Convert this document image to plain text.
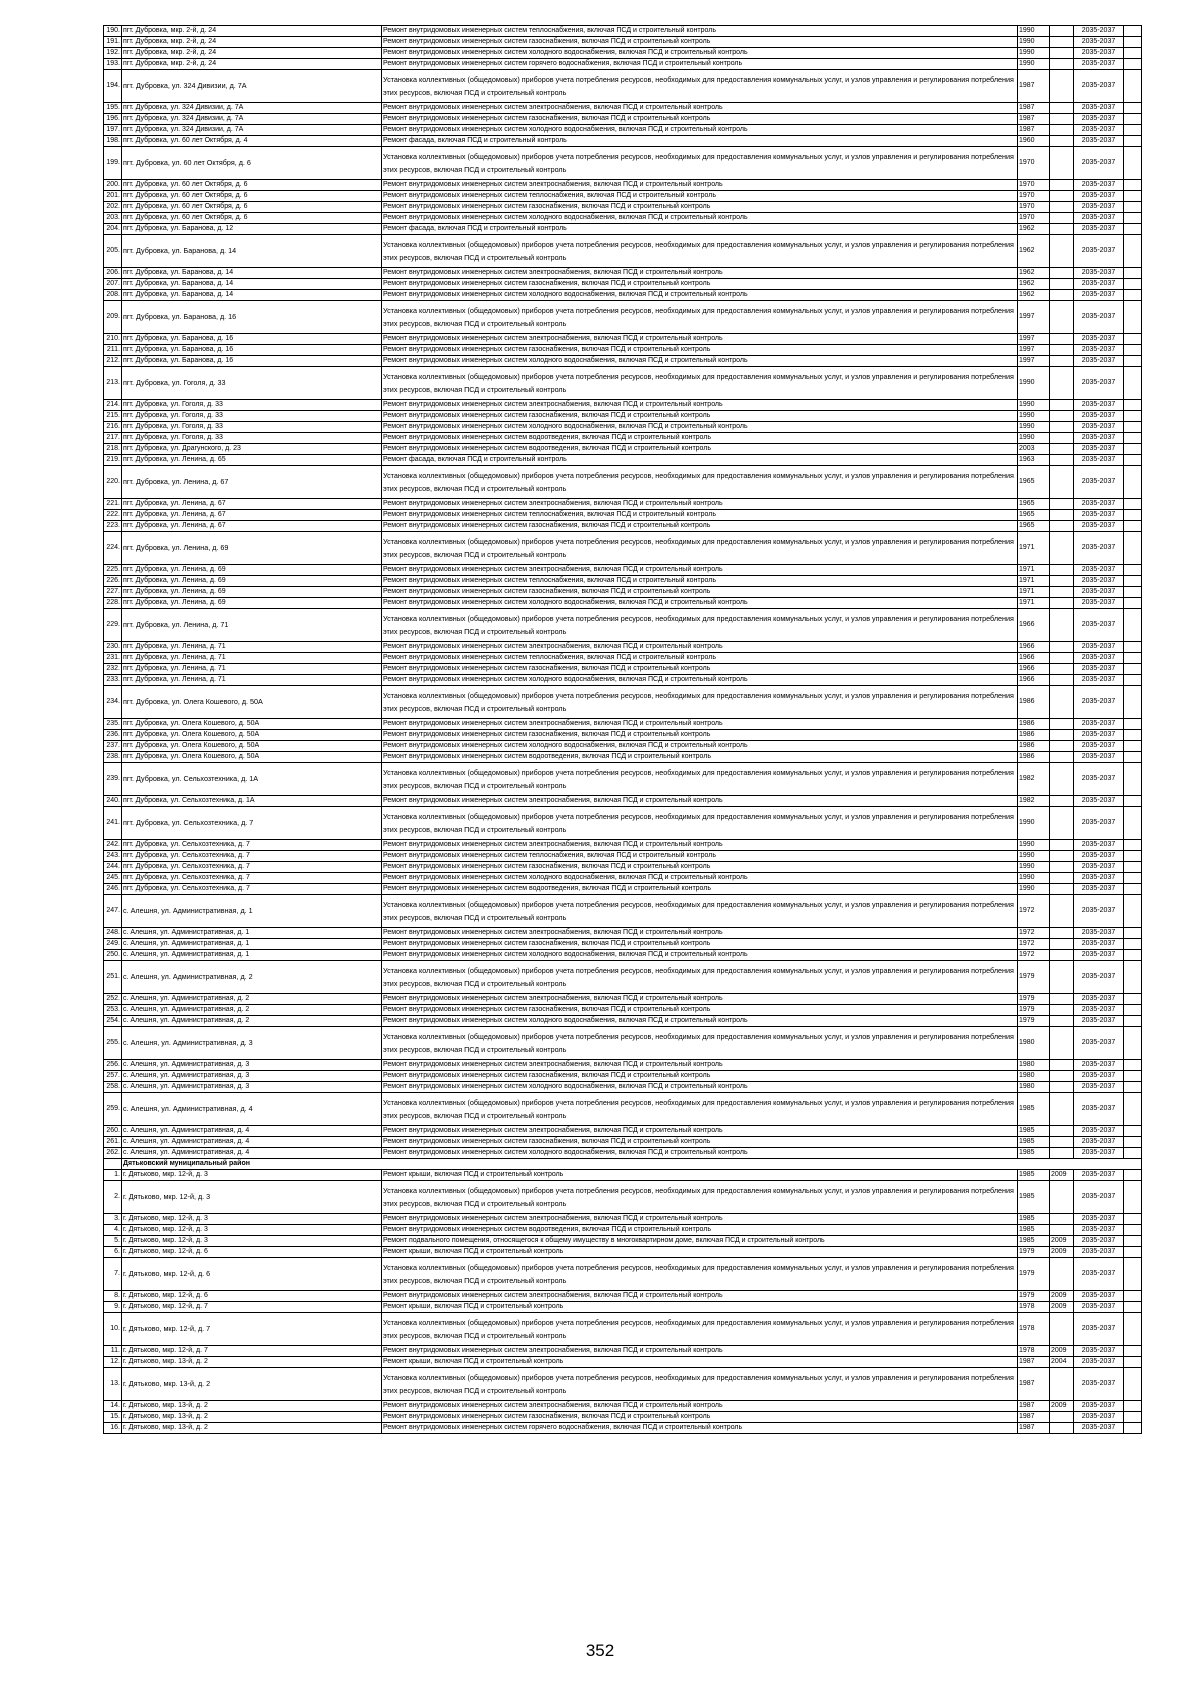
190.	пгт. Дубровка, мкр. 2-й, д. 24	Ремонт внутридомовых инженерных систем теплоснабжения, включая ПСД и строительный контроль	1990		2035-2037	
191.	пгт. Дубровка, мкр. 2-й, д. 24	Ремонт внутридомовых инженерных систем газоснабжения, включая ПСД и строительный контроль	1990		2035-2037	
192.	пгт. Дубровка, мкр. 2-й, д. 24	Ремонт внутридомовых инженерных систем холодного водоснабжения, включая ПСД и строительный контроль	1990		2035-2037	
193.	пгт. Дубровка, мкр. 2-й, д. 24	Ремонт внутридомовых инженерных систем горячего водоснабжения, включая ПСД и строительный контроль	1990		2035-2037	
194.	пгт. Дубровка, ул. 324 Дивизии, д. 7А	Установка коллективных (общедомовых) приборов учета потребления ресурсов, необходимых для предоставления коммунальных услуг, и узлов управления и регулирования потребления этих ресурсов, включая ПСД и строительный контроль	1987		2035-2037	
195.	пгт. Дубровка, ул. 324 Дивизии, д. 7А	Ремонт внутридомовых инженерных систем электроснабжения, включая ПСД и строительный контроль	1987		2035-2037	
196.	пгт. Дубровка, ул. 324 Дивизии, д. 7А	Ремонт внутридомовых инженерных систем газоснабжения, включая ПСД и строительный контроль	1987		2035-2037	
197.	пгт. Дубровка, ул. 324 Дивизии, д. 7А	Ремонт внутридомовых инженерных систем холодного водоснабжения, включая ПСД и строительный контроль	1987		2035-2037	
198.	пгт. Дубровка, ул. 60 лет Октября, д. 4	Ремонт фасада, включая ПСД и строительный контроль	1960		2035-2037	
199.	пгт. Дубровка, ул. 60 лет Октября, д. 6	Установка коллективных (общедомовых) приборов учета потребления ресурсов, необходимых для предоставления коммунальных услуг, и узлов управления и регулирования потребления этих ресурсов, включая ПСД и строительный контроль	1970		2035-2037	
200.	пгт. Дубровка, ул. 60 лет Октября, д. 6	Ремонт внутридомовых инженерных систем электроснабжения, включая ПСД и строительный контроль	1970		2035-2037	
201.	пгт. Дубровка, ул. 60 лет Октября, д. 6	Ремонт внутридомовых инженерных систем теплоснабжения, включая ПСД и строительный контроль	1970		2035-2037	
202.	пгт. Дубровка, ул. 60 лет Октября, д. 6	Ремонт внутридомовых инженерных систем газоснабжения, включая ПСД и строительный контроль	1970		2035-2037	
203.	пгт. Дубровка, ул. 60 лет Октября, д. 6	Ремонт внутридомовых инженерных систем холодного водоснабжения, включая ПСД и строительный контроль	1970		2035-2037	
204.	пгт. Дубровка, ул. Баранова, д. 12	Ремонт фасада, включая ПСД и строительный контроль	1962		2035-2037	
205.	пгт. Дубровка, ул. Баранова, д. 14	Установка коллективных (общедомовых) приборов учета потребления ресурсов, необходимых для предоставления коммунальных услуг, и узлов управления и регулирования потребления этих ресурсов, включая ПСД и строительный контроль	1962		2035-2037	
206.	пгт. Дубровка, ул. Баранова, д. 14	Ремонт внутридомовых инженерных систем электроснабжения, включая ПСД и строительный контроль	1962		2035-2037	
207.	пгт. Дубровка, ул. Баранова, д. 14	Ремонт внутридомовых инженерных систем газоснабжения, включая ПСД и строительный контроль	1962		2035-2037	
208.	пгт. Дубровка, ул. Баранова, д. 14	Ремонт внутридомовых инженерных систем холодного водоснабжения, включая ПСД и строительный контроль	1962		2035-2037	
209.	пгт. Дубровка, ул. Баранова, д. 16	Установка коллективных (общедомовых) приборов учета потребления ресурсов, необходимых для предоставления коммунальных услуг, и узлов управления и регулирования потребления этих ресурсов, включая ПСД и строительный контроль	1997		2035-2037	
210.	пгт. Дубровка, ул. Баранова, д. 16	Ремонт внутридомовых инженерных систем электроснабжения, включая ПСД и строительный контроль	1997		2035-2037	
211.	пгт. Дубровка, ул. Баранова, д. 16	Ремонт внутридомовых инженерных систем газоснабжения, включая ПСД и строительный контроль	1997		2035-2037	
212.	пгт. Дубровка, ул. Баранова, д. 16	Ремонт внутридомовых инженерных систем холодного водоснабжения, включая ПСД и строительный контроль	1997		2035-2037	
213.	пгт. Дубровка, ул. Гоголя, д. 33	Установка коллективных (общедомовых) приборов учета потребления ресурсов, необходимых для предоставления коммунальных услуг, и узлов управления и регулирования потребления этих ресурсов, включая ПСД и строительный контроль	1990		2035-2037	
214.	пгт. Дубровка, ул. Гоголя, д. 33	Ремонт внутридомовых инженерных систем электроснабжения, включая ПСД и строительный контроль	1990		2035-2037	
215.	пгт. Дубровка, ул. Гоголя, д. 33	Ремонт внутридомовых инженерных систем газоснабжения, включая ПСД и строительный контроль	1990		2035-2037	
216.	пгт. Дубровка, ул. Гоголя, д. 33	Ремонт внутридомовых инженерных систем холодного водоснабжения, включая ПСД и строительный контроль	1990		2035-2037	
217.	пгт. Дубровка, ул. Гоголя, д. 33	Ремонт внутридомовых инженерных систем водоотведения, включая ПСД и строительный контроль	1990		2035-2037	
218.	пгт. Дубровка, ул. Драгунского, д. 23	Ремонт внутридомовых инженерных систем водоотведения, включая ПСД и строительный контроль	2003		2035-2037	
219.	пгт. Дубровка, ул. Ленина, д. 65	Ремонт фасада, включая ПСД и строительный контроль	1963		2035-2037	
220.	пгт. Дубровка, ул. Ленина, д. 67	Установка коллективных (общедомовых) приборов учета потребления ресурсов, необходимых для предоставления коммунальных услуг, и узлов управления и регулирования потребления этих ресурсов, включая ПСД и строительный контроль	1965		2035-2037	
221.	пгт. Дубровка, ул. Ленина, д. 67	Ремонт внутридомовых инженерных систем электроснабжения, включая ПСД и строительный контроль	1965		2035-2037	
222.	пгт. Дубровка, ул. Ленина, д. 67	Ремонт внутридомовых инженерных систем теплоснабжения, включая ПСД и строительный контроль	1965		2035-2037	
223.	пгт. Дубровка, ул. Ленина, д. 67	Ремонт внутридомовых инженерных систем газоснабжения, включая ПСД и строительный контроль	1965		2035-2037	
224.	пгт. Дубровка, ул. Ленина, д. 69	Установка коллективных (общедомовых) приборов учета потребления ресурсов, необходимых для предоставления коммунальных услуг, и узлов управления и регулирования потребления этих ресурсов, включая ПСД и строительный контроль	1971		2035-2037	
225.	пгт. Дубровка, ул. Ленина, д. 69	Ремонт внутридомовых инженерных систем электроснабжения, включая ПСД и строительный контроль	1971		2035-2037	
226.	пгт. Дубровка, ул. Ленина, д. 69	Ремонт внутридомовых инженерных систем теплоснабжения, включая ПСД и строительный контроль	1971		2035-2037	
227.	пгт. Дубровка, ул. Ленина, д. 69	Ремонт внутридомовых инженерных систем газоснабжения, включая ПСД и строительный контроль	1971		2035-2037	
228.	пгт. Дубровка, ул. Ленина, д. 69	Ремонт внутридомовых инженерных систем холодного водоснабжения, включая ПСД и строительный контроль	1971		2035-2037	
229.	пгт. Дубровка, ул. Ленина, д. 71	Установка коллективных (общедомовых) приборов учета потребления ресурсов, необходимых для предоставления коммунальных услуг, и узлов управления и регулирования потребления этих ресурсов, включая ПСД и строительный контроль	1966		2035-2037	
230.	пгт. Дубровка, ул. Ленина, д. 71	Ремонт внутридомовых инженерных систем электроснабжения, включая ПСД и строительный контроль	1966		2035-2037	
231.	пгт. Дубровка, ул. Ленина, д. 71	Ремонт внутридомовых инженерных систем теплоснабжения, включая ПСД и строительный контроль	1966		2035-2037	
232.	пгт. Дубровка, ул. Ленина, д. 71	Ремонт внутридомовых инженерных систем газоснабжения, включая ПСД и строительный контроль	1966		2035-2037	
233.	пгт. Дубровка, ул. Ленина, д. 71	Ремонт внутридомовых инженерных систем холодного водоснабжения, включая ПСД и строительный контроль	1966		2035-2037	
234.	пгт. Дубровка, ул. Олега Кошевого, д. 50А	Установка коллективных (общедомовых) приборов учета потребления ресурсов, необходимых для предоставления коммунальных услуг, и узлов управления и регулирования потребления этих ресурсов, включая ПСД и строительный контроль	1986		2035-2037	
235.	пгт. Дубровка, ул. Олега Кошевого, д. 50А	Ремонт внутридомовых инженерных систем электроснабжения, включая ПСД и строительный контроль	1986		2035-2037	
236.	пгт. Дубровка, ул. Олега Кошевого, д. 50А	Ремонт внутридомовых инженерных систем газоснабжения, включая ПСД и строительный контроль	1986		2035-2037	
237.	пгт. Дубровка, ул. Олега Кошевого, д. 50А	Ремонт внутридомовых инженерных систем холодного водоснабжения, включая ПСД и строительный контроль	1986		2035-2037	
238.	пгт. Дубровка, ул. Олега Кошевого, д. 50А	Ремонт внутридомовых инженерных систем водоотведения, включая ПСД и строительный контроль	1986		2035-2037	
239.	пгт. Дубровка, ул. Сельхозтехника, д. 1А	Установка коллективных (общедомовых) приборов учета потребления ресурсов, необходимых для предоставления коммунальных услуг, и узлов управления и регулирования потребления этих ресурсов, включая ПСД и строительный контроль	1982		2035-2037	
240.	пгт. Дубровка, ул. Сельхозтехника, д. 1А	Ремонт внутридомовых инженерных систем электроснабжения, включая ПСД и строительный контроль	1982		2035-2037	
241.	пгт. Дубровка, ул. Сельхозтехника, д. 7	Установка коллективных (общедомовых) приборов учета потребления ресурсов, необходимых для предоставления коммунальных услуг, и узлов управления и регулирования потребления этих ресурсов, включая ПСД и строительный контроль	1990		2035-2037	
242.	пгт. Дубровка, ул. Сельхозтехника, д. 7	Ремонт внутридомовых инженерных систем электроснабжения, включая ПСД и строительный контроль	1990		2035-2037	
243.	пгт. Дубровка, ул. Сельхозтехника, д. 7	Ремонт внутридомовых инженерных систем теплоснабжения, включая ПСД и строительный контроль	1990		2035-2037	
244.	пгт. Дубровка, ул. Сельхозтехника, д. 7	Ремонт внутридомовых инженерных систем газоснабжения, включая ПСД и строительный контроль	1990		2035-2037	
245.	пгт. Дубровка, ул. Сельхозтехника, д. 7	Ремонт внутридомовых инженерных систем холодного водоснабжения, включая ПСД и строительный контроль	1990		2035-2037	
246.	пгт. Дубровка, ул. Сельхозтехника, д. 7	Ремонт внутридомовых инженерных систем водоотведения, включая ПСД и строительный контроль	1990		2035-2037	
247.	с. Алешня, ул. Административная, д. 1	Установка коллективных (общедомовых) приборов учета потребления ресурсов, необходимых для предоставления коммунальных услуг, и узлов управления и регулирования потребления этих ресурсов, включая ПСД и строительный контроль	1972		2035-2037	
248.	с. Алешня, ул. Административная, д. 1	Ремонт внутридомовых инженерных систем электроснабжения, включая ПСД и строительный контроль	1972		2035-2037	
249.	с. Алешня, ул. Административная, д. 1	Ремонт внутридомовых инженерных систем газоснабжения, включая ПСД и строительный контроль	1972		2035-2037	
250.	с. Алешня, ул. Административная, д. 1	Ремонт внутридомовых инженерных систем холодного водоснабжения, включая ПСД и строительный контроль	1972		2035-2037	
251.	с. Алешня, ул. Административная, д. 2	Установка коллективных (общедомовых) приборов учета потребления ресурсов, необходимых для предоставления коммунальных услуг, и узлов управления и регулирования потребления этих ресурсов, включая ПСД и строительный контроль	1979		2035-2037	
252.	с. Алешня, ул. Административная, д. 2	Ремонт внутридомовых инженерных систем электроснабжения, включая ПСД и строительный контроль	1979		2035-2037	
253.	с. Алешня, ул. Административная, д. 2	Ремонт внутридомовых инженерных систем газоснабжения, включая ПСД и строительный контроль	1979		2035-2037	
254.	с. Алешня, ул. Административная, д. 2	Ремонт внутридомовых инженерных систем холодного водоснабжения, включая ПСД и строительный контроль	1979		2035-2037	
255.	с. Алешня, ул. Административная, д. 3	Установка коллективных (общедомовых) приборов учета потребления ресурсов, необходимых для предоставления коммунальных услуг, и узлов управления и регулирования потребления этих ресурсов, включая ПСД и строительный контроль	1980		2035-2037	
256.	с. Алешня, ул. Административная, д. 3	Ремонт внутридомовых инженерных систем электроснабжения, включая ПСД и строительный контроль	1980		2035-2037	
257.	с. Алешня, ул. Административная, д. 3	Ремонт внутридомовых инженерных систем газоснабжения, включая ПСД и строительный контроль	1980		2035-2037	
258.	с. Алешня, ул. Административная, д. 3	Ремонт внутридомовых инженерных систем холодного водоснабжения, включая ПСД и строительный контроль	1980		2035-2037	
259.	с. Алешня, ул. Административная, д. 4	Установка коллективных (общедомовых) приборов учета потребления ресурсов, необходимых для предоставления коммунальных услуг, и узлов управления и регулирования потребления этих ресурсов, включая ПСД и строительный контроль	1985		2035-2037	
260.	с. Алешня, ул. Административная, д. 4	Ремонт внутридомовых инженерных систем электроснабжения, включая ПСД и строительный контроль	1985		2035-2037	
261.	с. Алешня, ул. Административная, д. 4	Ремонт внутридомовых инженерных систем газоснабжения, включая ПСД и строительный контроль	1985		2035-2037	
262.	с. Алешня, ул. Административная, д. 4	Ремонт внутридомовых инженерных систем холодного водоснабжения, включая ПСД и строительный контроль	1985		2035-2037	
	Дятьковский муниципальный район					
1.	г. Дятьково, мкр. 12-й, д. 3	Ремонт крыши, включая ПСД и строительный контроль	1985	2009	2035-2037	
2.	г. Дятьково, мкр. 12-й, д. 3	Установка коллективных (общедомовых) приборов учета потребления ресурсов, необходимых для предоставления коммунальных услуг, и узлов управления и регулирования потребления этих ресурсов, включая ПСД и строительный контроль	1985		2035-2037	
3.	г. Дятьково, мкр. 12-й, д. 3	Ремонт внутридомовых инженерных систем электроснабжения, включая ПСД и строительный контроль	1985		2035-2037	
4.	г. Дятьково, мкр. 12-й, д. 3	Ремонт внутридомовых инженерных систем водоотведения, включая ПСД и строительный контроль	1985		2035-2037	
5.	г. Дятьково, мкр. 12-й, д. 3	Ремонт подвального помещения, относящегося к общему имуществу в многоквартирном доме, включая ПСД и строительный контроль	1985	2009	2035-2037	
6.	г. Дятьково, мкр. 12-й, д. 6	Ремонт крыши, включая ПСД и строительный контроль	1979	2009	2035-2037	
7.	г. Дятьково, мкр. 12-й, д. 6	Установка коллективных (общедомовых) приборов учета потребления ресурсов, необходимых для предоставления коммунальных услуг, и узлов управления и регулирования потребления этих ресурсов, включая ПСД и строительный контроль	1979		2035-2037	
8.	г. Дятьково, мкр. 12-й, д. 6	Ремонт внутридомовых инженерных систем электроснабжения, включая ПСД и строительный контроль	1979	2009	2035-2037	
9.	г. Дятьково, мкр. 12-й, д. 7	Ремонт крыши, включая ПСД и строительный контроль	1978	2009	2035-2037	
10.	г. Дятьково, мкр. 12-й, д. 7	Установка коллективных (общедомовых) приборов учета потребления ресурсов, необходимых для предоставления коммунальных услуг, и узлов управления и регулирования потребления этих ресурсов, включая ПСД и строительный контроль	1978		2035-2037	
11.	г. Дятьково, мкр. 12-й, д. 7	Ремонт внутридомовых инженерных систем электроснабжения, включая ПСД и строительный контроль	1978	2009	2035-2037	
12.	г. Дятьково, мкр. 13-й, д. 2	Ремонт крыши, включая ПСД и строительный контроль	1987	2004	2035-2037	
13.	г. Дятьково, мкр. 13-й, д. 2	Установка коллективных (общедомовых) приборов учета потребления ресурсов, необходимых для предоставления коммунальных услуг, и узлов управления и регулирования потребления этих ресурсов, включая ПСД и строительный контроль	1987		2035-2037	
14.	г. Дятьково, мкр. 13-й, д. 2	Ремонт внутридомовых инженерных систем электроснабжения, включая ПСД и строительный контроль	1987	2009	2035-2037	
15.	г. Дятьково, мкр. 13-й, д. 2	Ремонт внутридомовых инженерных систем газоснабжения, включая ПСД и строительный контроль	1987		2035-2037	
16.	г. Дятьково, мкр. 13-й, д. 2	Ремонт внутридомовых инженерных систем горячего водоснабжения, включая ПСД и строительный контроль	1987		2035-2037	
352
